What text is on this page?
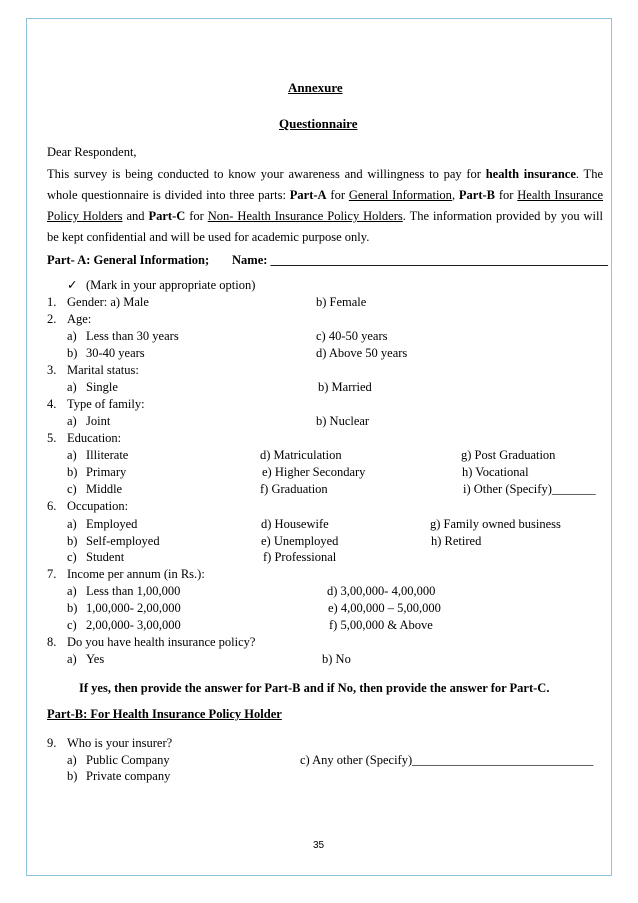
Annexure
Questionnaire
Dear Respondent,
This survey is being conducted to know your awareness and willingness to pay for health insurance. The whole questionnaire is divided into three parts: Part-A for General Information, Part-B for Health Insurance Policy Holders and Part-C for Non- Health Insurance Policy Holders. The information provided by you will be kept confidential and will be used for academic purpose only.
Part- A: General Information; Name: ______________________________________________________
✓ (Mark in your appropriate option)
1. Gender: a) Male	b) Female
2. Age:
a) Less than 30 years	c) 40-50 years
b) 30-40 years	d) Above 50 years
3. Marital status:
a) Single	b) Married
4. Type of family:
a) Joint	b) Nuclear
5. Education:
a) Illiterate	d) Matriculation	g) Post Graduation
b) Primary	e) Higher Secondary	h) Vocational
c) Middle	f) Graduation	i) Other (Specify)_______
6. Occupation:
a) Employed	d) Housewife	g) Family owned business
b) Self-employed	e) Unemployed	h) Retired
c) Student	f) Professional
7. Income per annum (in Rs.):
a) Less than 1,00,000	d) 3,00,000- 4,00,000
b) 1,00,000- 2,00,000	e) 4,00,000 – 5,00,000
c) 2,00,000- 3,00,000	f) 5,00,000 & Above
8. Do you have health insurance policy?
a) Yes	b) No
If yes, then provide the answer for Part-B and if No, then provide the answer for Part-C.
Part-B: For Health Insurance Policy Holder
9. Who is your insurer?
a) Public Company	c) Any other (Specify)_____________________________
b) Private company
35
